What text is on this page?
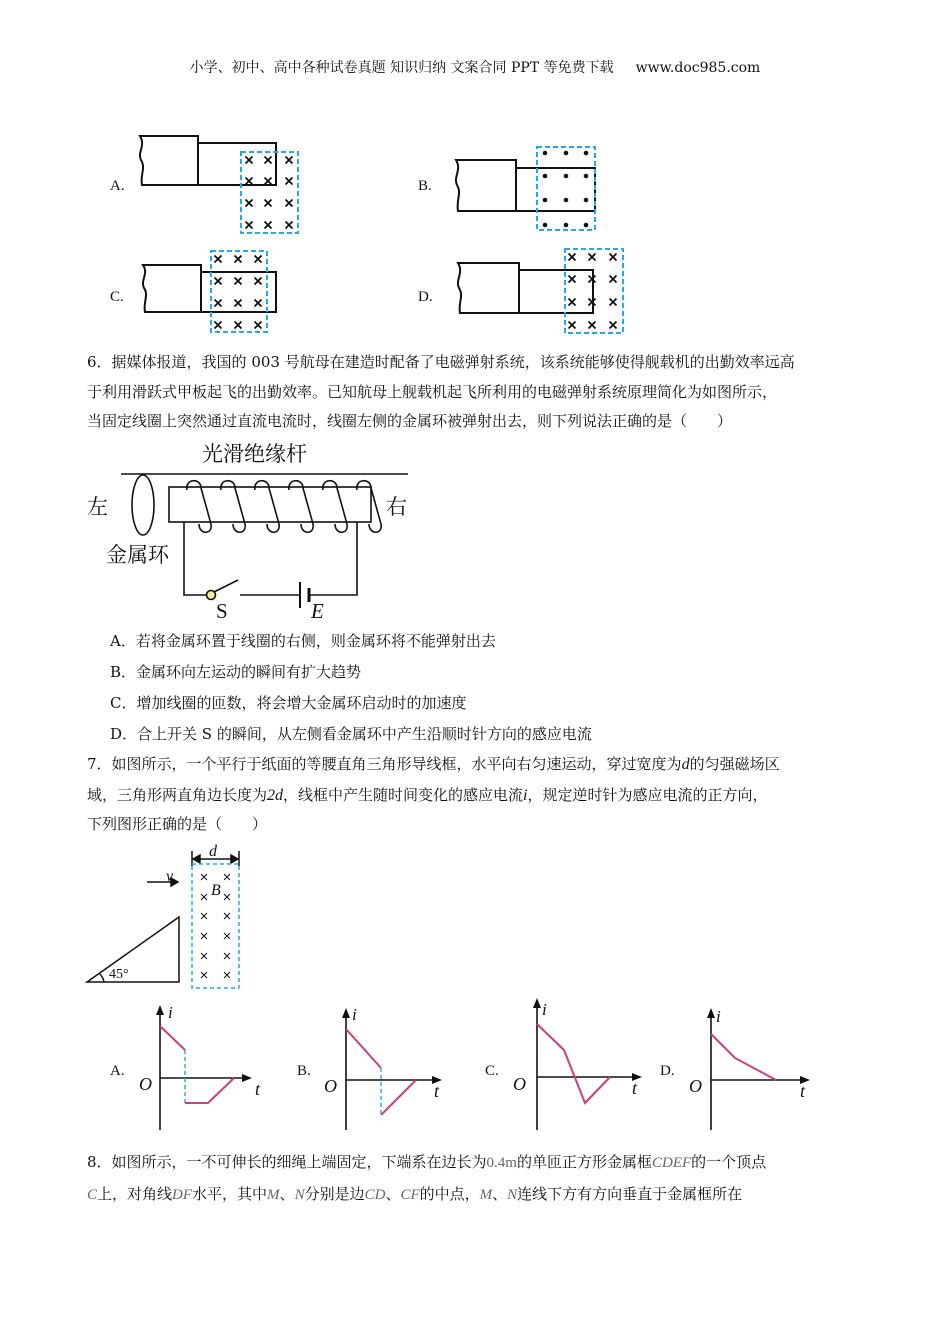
小学、初中、高中各种试卷真题 知识归纳 文案合同 PPT 等免费下载 www.doc985.com
A.	B.
C.	D.
光滑绝缘杆
左	右
金属环
S	E
d
v
B
45°
A.
i
O	t
B.
i
O	t
C.
i
O	t
D.
i
O	t
6．据媒体报道，我国的 003 号航母在建造时配备了电磁弹射系统，该系统能够使得舰载机的出勤效率远高
于利用滑跃式甲板起飞的出勤效率。已知航母上舰载机起飞所利用的电磁弹射系统原理简化为如图所示，
当固定线圈上突然通过直流电流时，线圈左侧的金属环被弹射出去，则下列说法正确的是（　　）
A．若将金属环置于线圈的右侧，则金属环将不能弹射出去
B．金属环向左运动的瞬间有扩大趋势
C．增加线圈的匝数，将会增大金属环启动时的加速度
D．合上开关 S 的瞬间，从左侧看金属环中产生沿顺时针方向的感应电流
7．如图所示，一个平行于纸面的等腰直角三角形导线框，水平向右匀速运动，穿过宽度为d的匀强磁场区
域，三角形两直角边长度为2d，线框中产生随时间变化的感应电流i，规定逆时针为感应电流的正方向，
下列图形正确的是（　　）
8．如图所示，一不可伸长的细绳上端固定，下端系在边长为0.4m的单匝正方形金属框CDEF的一个顶点
C上，对角线DF水平，其中M、N分别是边CD、CF的中点，M、N连线下方有方向垂直于金属框所在
